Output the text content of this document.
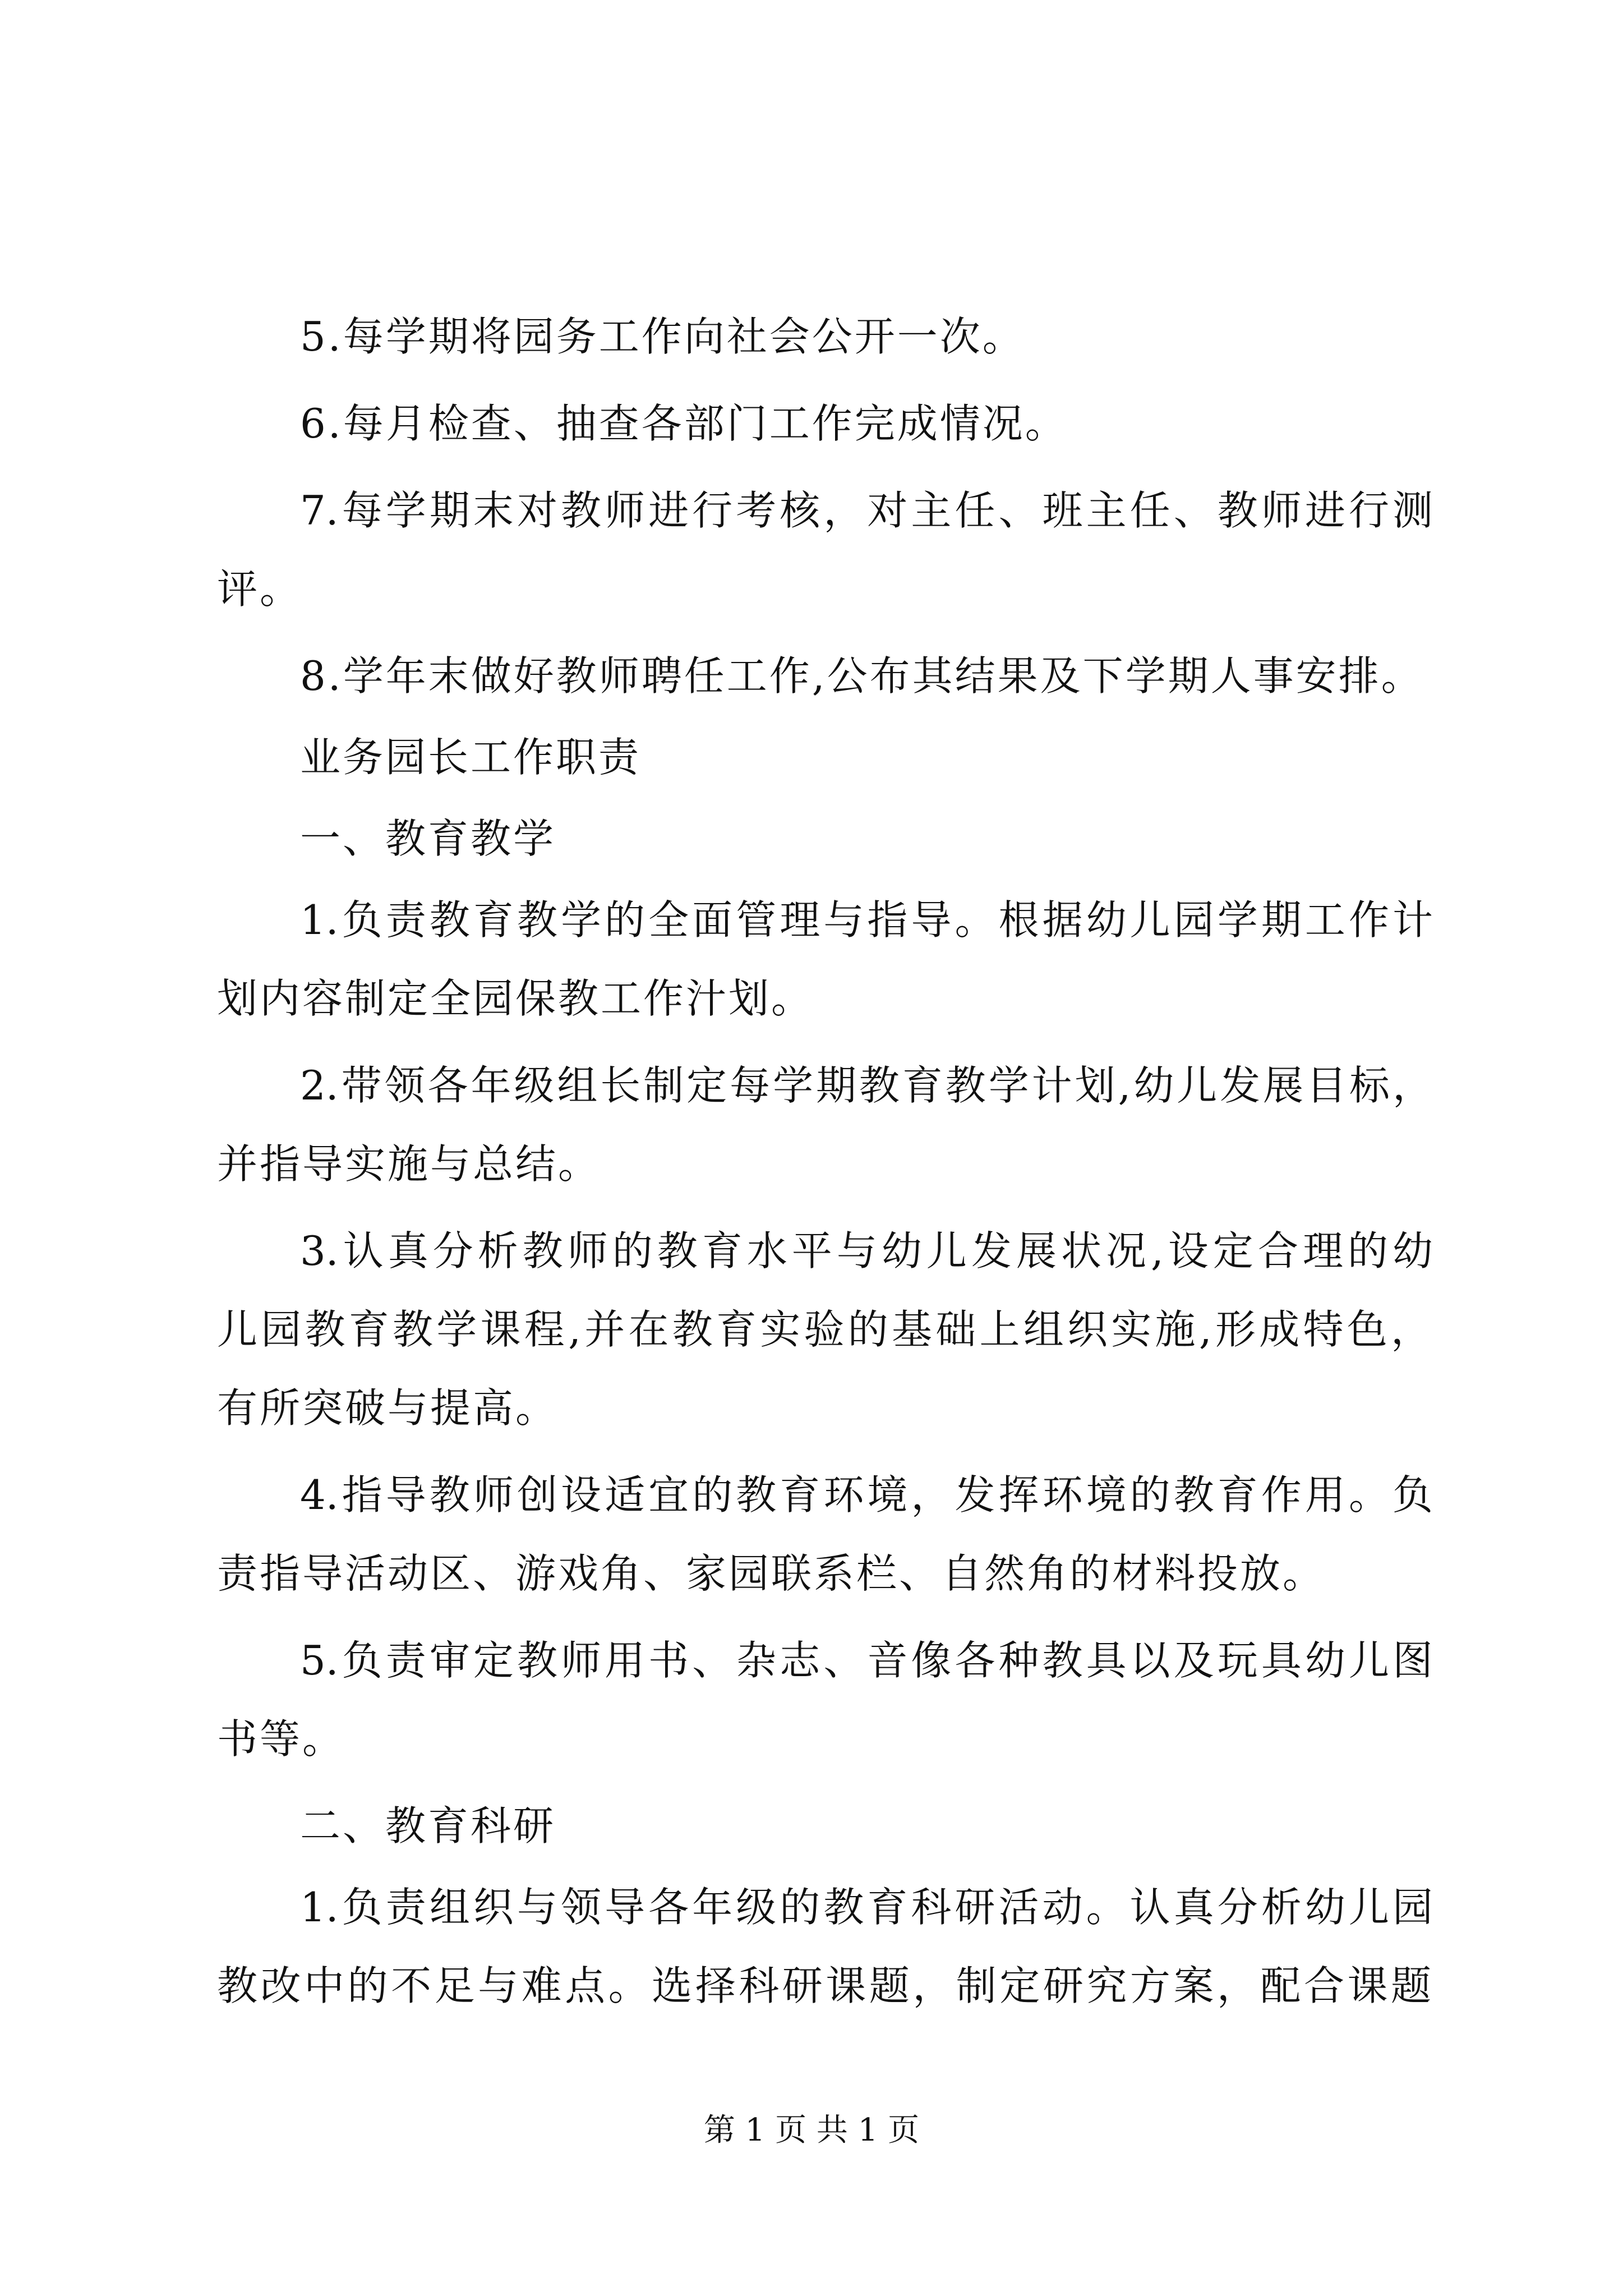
5.每学期将园务工作向社会公开一次。
6.每月检查、抽查各部门工作完成情况。
7.每学期末对教师进行考核，对主任、班主任、教师进行测
评。
8.学年末做好教师聘任工作,公布其结果及下学期人事安排。
业务园长工作职责
一、教育教学
1.负责教育教学的全面管理与指导。根据幼儿园学期工作计
划内容制定全园保教工作汁划。
2.带领各年级组长制定每学期教育教学计划,幼儿发展目标，
并指导实施与总结。
3.认真分析教师的教育水平与幼儿发展状况,设定合理的幼
儿园教育教学课程,并在教育实验的基础上组织实施,形成特色，
有所突破与提高。
4.指导教师创设适宜的教育环境，发挥环境的教育作用。负
责指导活动区、游戏角、家园联系栏、自然角的材料投放。
5.负责审定教师用书、杂志、音像各种教具以及玩具幼儿图
书等。
二、教育科研
1.负责组织与领导各年级的教育科研活动。认真分析幼儿园
教改中的不足与难点。选择科研课题，制定研究方案，配合课题
第 1 页 共 1 页
